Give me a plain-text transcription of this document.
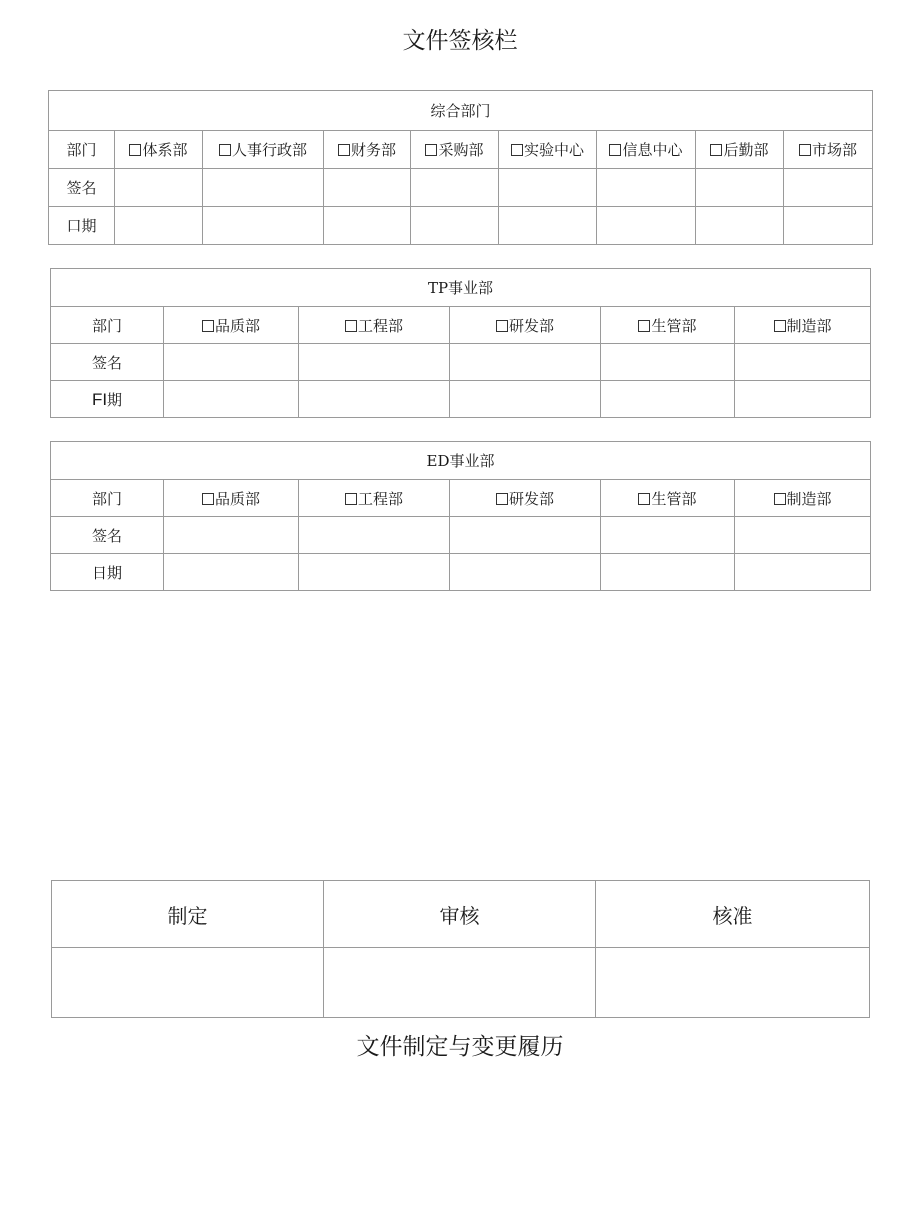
文件签核栏
综合部门								
部门	体系部	人事行政部	财务部	采购部	实验中心	信息中心	后勤部	市场部
签名								
口期								
TP事业部					
部门	品质部	工程部	研发部	生管部	制造部
签名					
FI期					
ED事业部					
部门	品质部	工程部	研发部	生管部	制造部
签名					
日期					
制定	审核	核准

文件制定与变更履历
